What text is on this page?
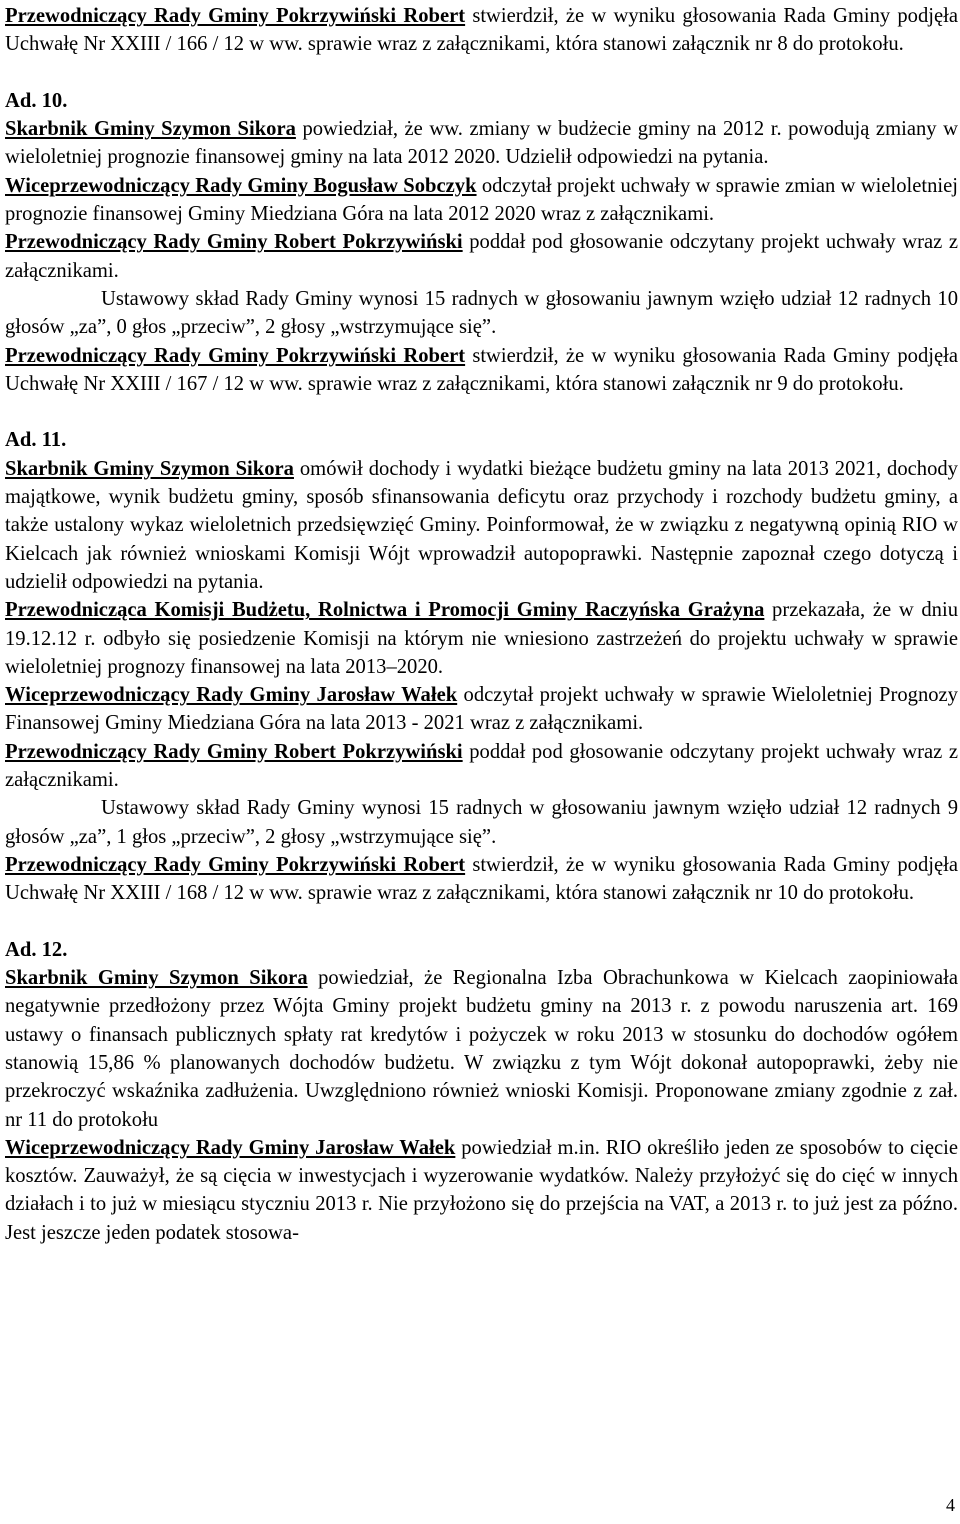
Przewodniczący Rady Gminy Pokrzywiński Robert stwierdził, że w wyniku głosowania Rada Gminy podjęła Uchwałę Nr XXIII / 166 / 12 w ww. sprawie wraz z załącznikami, która stanowi załącznik nr 8 do protokołu.

Ad. 10.

Skarbnik Gminy Szymon Sikora powiedział, że ww. zmiany w budżecie gminy na 2012 r. powodują zmiany w wieloletniej prognozie finansowej gminy na lata 2012 2020. Udzielił odpowiedzi na pytania.

Wiceprzewodniczący Rady Gminy Bogusław Sobczyk odczytał projekt uchwały w sprawie zmian w wieloletniej prognozie finansowej Gminy Miedziana Góra na lata 2012 2020 wraz z załącznikami.

Przewodniczący Rady Gminy Robert Pokrzywiński poddał pod głosowanie odczytany projekt uchwały wraz z załącznikami.

Ustawowy skład Rady Gminy wynosi 15 radnych w głosowaniu jawnym wzięło udział 12 radnych 10 głosów „za”, 0 głos „przeciw”, 2 głosy „wstrzymujące się”.

Przewodniczący Rady Gminy Pokrzywiński Robert stwierdził, że w wyniku głosowania Rada Gminy podjęła Uchwałę Nr XXIII / 167 / 12 w ww. sprawie wraz z załącznikami, która stanowi załącznik nr 9 do protokołu.

Ad. 11.

Skarbnik Gminy Szymon Sikora omówił dochody i wydatki bieżące budżetu gminy na lata 2013 2021, dochody majątkowe, wynik budżetu gminy, sposób sfinansowania deficytu oraz przychody i rozchody budżetu gminy, a także ustalony wykaz wieloletnich przedsięwzięć Gminy. Poinformował, że w związku z negatywną opinią RIO w Kielcach jak również wnioskami Komisji Wójt wprowadził autopoprawki. Następnie zapoznał czego dotyczą i udzielił odpowiedzi na pytania.

Przewodnicząca Komisji Budżetu, Rolnictwa i Promocji Gminy Raczyńska Grażyna przekazała, że w dniu 19.12.12 r. odbyło się posiedzenie Komisji na którym nie wniesiono zastrzeżeń do projektu uchwały w sprawie wieloletniej prognozy finansowej na lata 2013–2020.

Wiceprzewodniczący Rady Gminy Jarosław Wałek odczytał projekt uchwały w sprawie Wieloletniej Prognozy Finansowej Gminy Miedziana Góra na lata 2013 - 2021 wraz z załącznikami.

Przewodniczący Rady Gminy Robert Pokrzywiński poddał pod głosowanie odczytany projekt uchwały wraz z załącznikami.

Ustawowy skład Rady Gminy wynosi 15 radnych w głosowaniu jawnym wzięło udział 12 radnych 9 głosów „za”, 1 głos „przeciw”, 2 głosy „wstrzymujące się”.

Przewodniczący Rady Gminy Pokrzywiński Robert stwierdził, że w wyniku głosowania Rada Gminy podjęła Uchwałę Nr XXIII / 168 / 12 w ww. sprawie wraz z załącznikami, która stanowi załącznik nr 10 do protokołu.

Ad. 12.

Skarbnik Gminy Szymon Sikora powiedział, że Regionalna Izba Obrachunkowa w Kielcach zaopiniowała negatywnie przedłożony przez Wójta Gminy projekt budżetu gminy na 2013 r. z powodu naruszenia art. 169 ustawy o finansach publicznych spłaty rat kredytów i pożyczek w roku 2013 w stosunku do dochodów ogółem stanowią 15,86 % planowanych dochodów budżetu. W związku z tym Wójt dokonał autopoprawki, żeby nie przekroczyć wskaźnika zadłużenia. Uwzględniono również wnioski Komisji. Proponowane zmiany zgodnie z zał. nr 11 do protokołu

Wiceprzewodniczący Rady Gminy Jarosław Wałek powiedział m.in. RIO określiło jeden ze sposobów to cięcie kosztów. Zauważył, że są cięcia w inwestycjach i wyzerowanie wydatków. Należy przyłożyć się do cięć w innych działach i to już w miesiącu styczniu 2013 r. Nie przyłożono się do przejścia na VAT, a 2013 r. to już jest za późno. Jest jeszcze jeden podatek stosowa-

4
